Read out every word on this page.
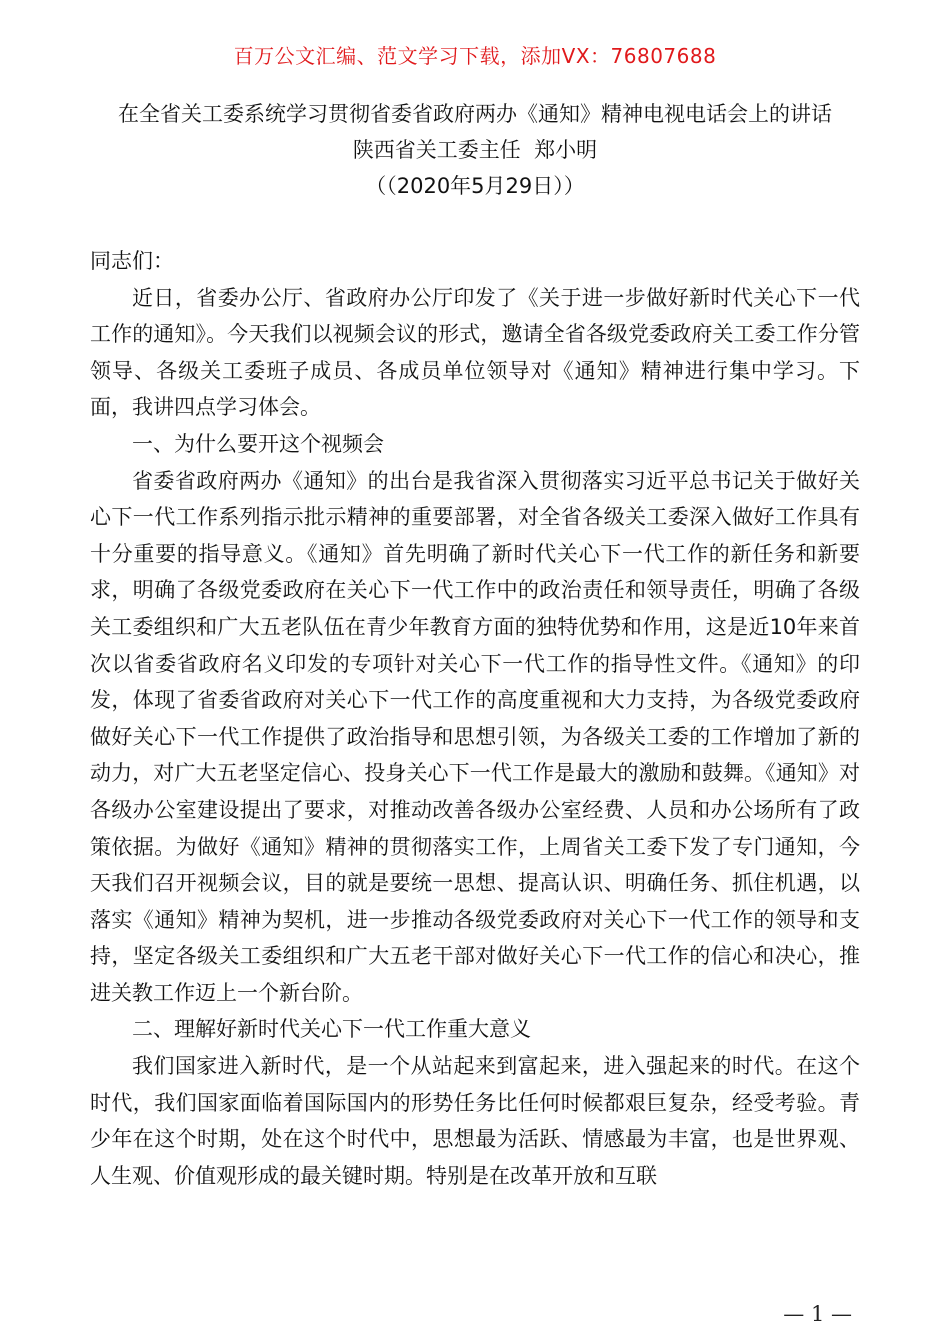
百万公文汇编、范文学习下载，添加VX：76807688
在全省关工委系统学习贯彻省委省政府两办《通知》精神电视电话会上的讲话
陕西省关工委主任  郑小明
（（2020年5月29日））

同志们：

近日，省委办公厅、省政府办公厅印发了《关于进一步做好新时代关心下一代工作的通知》。今天我们以视频会议的形式，邀请全省各级党委政府关工委工作分管领导、各级关工委班子成员、各成员单位领导对《通知》精神进行集中学习。下面，我讲四点学习体会。

一、为什么要开这个视频会

省委省政府两办《通知》的出台是我省深入贯彻落实习近平总书记关于做好关心下一代工作系列指示批示精神的重要部署，对全省各级关工委深入做好工作具有十分重要的指导意义。《通知》首先明确了新时代关心下一代工作的新任务和新要求，明确了各级党委政府在关心下一代工作中的政治责任和领导责任，明确了各级关工委组织和广大五老队伍在青少年教育方面的独特优势和作用，这是近10年来首次以省委省政府名义印发的专项针对关心下一代工作的指导性文件。《通知》的印发，体现了省委省政府对关心下一代工作的高度重视和大力支持，为各级党委政府做好关心下一代工作提供了政治指导和思想引领，为各级关工委的工作增加了新的动力，对广大五老坚定信心、投身关心下一代工作是最大的激励和鼓舞。《通知》对各级办公室建设提出了要求，对推动改善各级办公室经费、人员和办公场所有了政策依据。为做好《通知》精神的贯彻落实工作，上周省关工委下发了专门通知，今天我们召开视频会议，目的就是要统一思想、提高认识、明确任务、抓住机遇，以落实《通知》精神为契机，进一步推动各级党委政府对关心下一代工作的领导和支持，坚定各级关工委组织和广大五老干部对做好关心下一代工作的信心和决心，推进关教工作迈上一个新台阶。

二、理解好新时代关心下一代工作重大意义

我们国家进入新时代，是一个从站起来到富起来，进入强起来的时代。在这个时代，我们国家面临着国际国内的形势任务比任何时候都艰巨复杂，经受考验。青少年在这个时期，处在这个时代中，思想最为活跃、情感最为丰富，也是世界观、人生观、价值观形成的最关键时期。特别是在改革开放和互联

— 1 —
